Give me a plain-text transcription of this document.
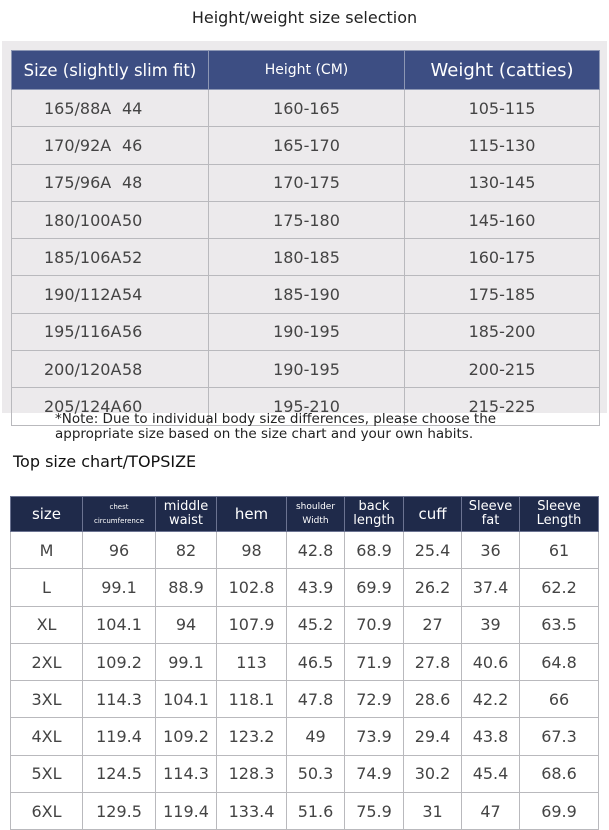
Height/weight size selection
Size (slightly slim fit)	Height (CM)	Weight (catties)
165/88A 44	160-165	105-115
170/92A 46	165-170	115-130
175/96A 48	170-175	130-145
180/100A50	175-180	145-160
185/106A52	180-185	160-175
190/112A54	185-190	175-185
195/116A56	190-195	185-200
200/120A58	190-195	200-215
205/124A60	195-210	215-225
*Note: Due to individual body size differences, please choose the appropriate size based on the size chart and your own habits.
Top size chart/TOPSIZE
size	chest circumference	middle waist	hem	shoulder Width	back length	cuff	Sleeve fat	Sleeve Length
M	96	82	98	42.8	68.9	25.4	36	61
L	99.1	88.9	102.8	43.9	69.9	26.2	37.4	62.2
XL	104.1	94	107.9	45.2	70.9	27	39	63.5
2XL	109.2	99.1	113	46.5	71.9	27.8	40.6	64.8
3XL	114.3	104.1	118.1	47.8	72.9	28.6	42.2	66
4XL	119.4	109.2	123.2	49	73.9	29.4	43.8	67.3
5XL	124.5	114.3	128.3	50.3	74.9	30.2	45.4	68.6
6XL	129.5	119.4	133.4	51.6	75.9	31	47	69.9
